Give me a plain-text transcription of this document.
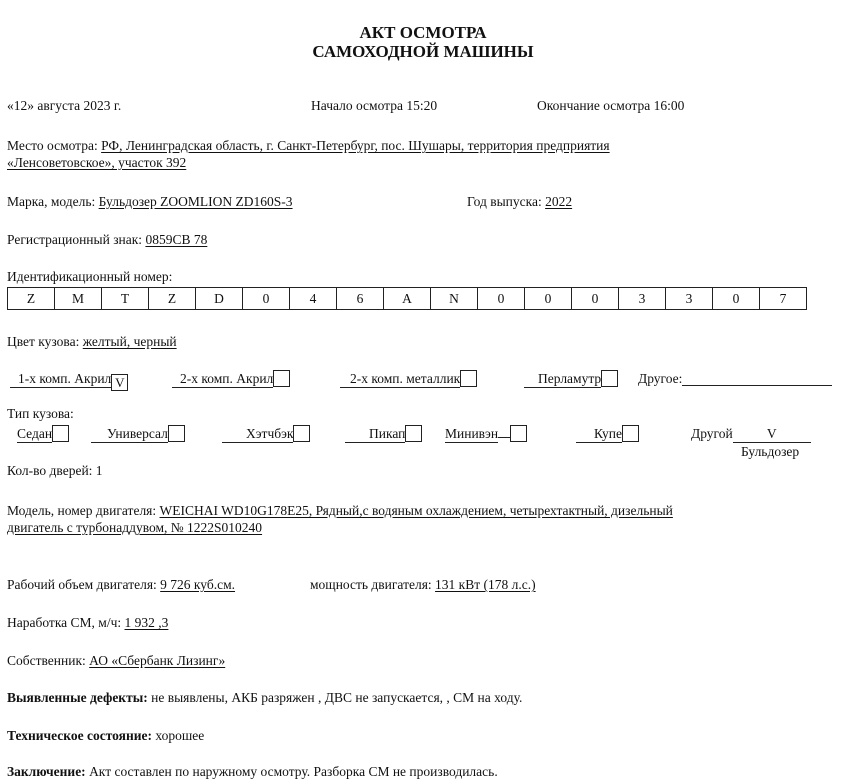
АКТ ОСМОТРА
САМОХОДНОЙ МАШИНЫ
«12» августа 2023 г.	Начало осмотра 15:20	Окончание осмотра 16:00
Место осмотра: РФ, Ленинградская область, г. Санкт-Петербург, пос. Шушары, территория предприятия
«Ленсоветовское», участок 392
Марка, модель: Бульдозер ZOOMLION ZD160S-3	Год выпуска: 2022
Регистрационный знак: 0859СВ 78
Идентификационный номер:
Z	M	T	Z	D	0	4	6	A	N	0	0	0	3	3	0	7
Цвет кузова: желтый, черный
1-х комп. Акрил V	2-х комп. Акрил	2-х комп. металлик	Перламутр	Другое:
Тип кузова:
Седан	Универсал	Хэтчбэк	Пикап	Минивэн	Купе	Другой	V
Бульдозер
Кол-во дверей: 1
Модель, номер двигателя: WEICHAI WD10G178E25, Рядный,с водяным охлаждением, четырехтактный, дизельный
двигатель с турбонаддувом, № 1222S010240
Рабочий объем двигателя: 9 726 куб.см.	мощность двигателя: 131 кВт (178 л.с.)
Наработка СМ, м/ч: 1 932 ,3
Собственник: АО «Сбербанк Лизинг»
Выявленные дефекты: не выявлены, АКБ разряжен , ДВС не запускается, , СМ на ходу.
Техническое состояние: хорошее
Заключение: Акт составлен по наружному осмотру. Разборка СМ не производилась.
